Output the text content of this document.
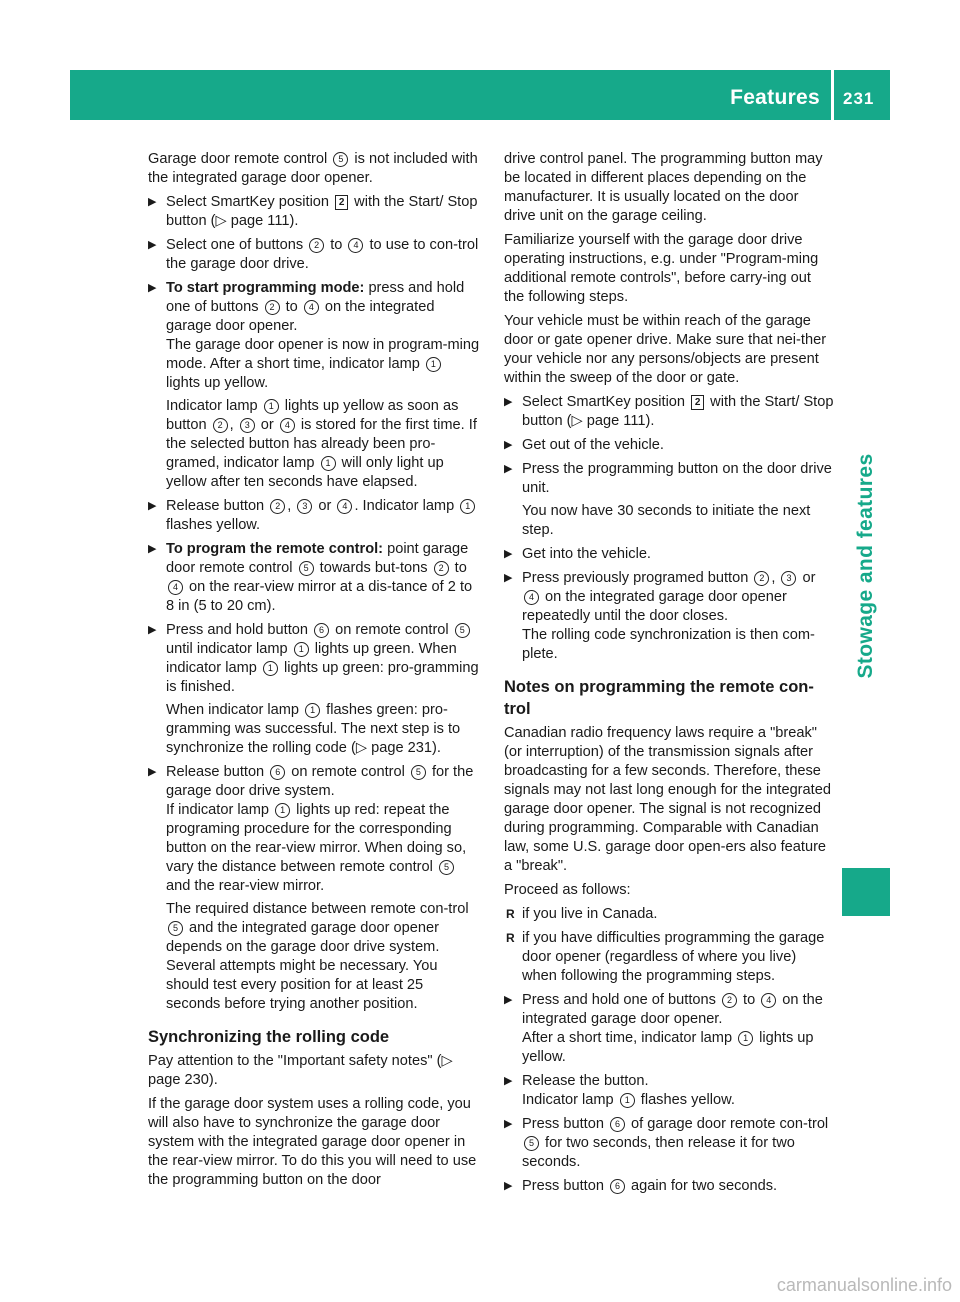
Features 231
Stowage and features
Garage door remote control 5 is not included with the integrated garage door opener.
▶ Select SmartKey position 2 with the Start/ Stop button (▷ page 111).
▶ Select one of buttons 2 to 4 to use to con-trol the garage door drive.
▶ To start programming mode: press and hold one of buttons 2 to 4 on the integrated garage door opener.
The garage door opener is now in program-ming mode. After a short time, indicator lamp 1 lights up yellow.
Indicator lamp 1 lights up yellow as soon as button 2 , 3 or 4 is stored for the first time. If the selected button has already been pro-gramed, indicator lamp 1 will only light up yellow after ten seconds have elapsed.
▶ Release button 2 , 3 or 4 . Indicator lamp 1 flashes yellow.
▶ To program the remote control: point garage door remote control 5 towards but-tons 2 to 4 on the rear-view mirror at a dis-tance of 2 to 8 in (5 to 20 cm).
▶ Press and hold button 6 on remote control 5 until indicator lamp 1 lights up green. When indicator lamp 1 lights up green: pro-gramming is finished.
When indicator lamp 1 flashes green: pro-gramming was successful. The next step is to synchronize the rolling code (▷ page 231).
▶ Release button 6 on remote control 5 for the garage door drive system.
If indicator lamp 1 lights up red: repeat the programing procedure for the corresponding button on the rear-view mirror. When doing so, vary the distance between remote control 5 and the rear-view mirror.
The required distance between remote con-trol 5 and the integrated garage door opener depends on the garage door drive system. Several attempts might be necessary. You should test every position for at least 25 seconds before trying another position.
Synchronizing the rolling code
Pay attention to the "Important safety notes" (▷ page 230).
If the garage door system uses a rolling code, you will also have to synchronize the garage door system with the integrated garage door opener in the rear-view mirror. To do this you will need to use the programming button on the door
drive control panel. The programming button may be located in different places depending on the manufacturer. It is usually located on the door drive unit on the garage ceiling.
Familiarize yourself with the garage door drive operating instructions, e.g. under "Program-ming additional remote controls", before carry-ing out the following steps.
Your vehicle must be within reach of the garage door or gate opener drive. Make sure that nei-ther your vehicle nor any persons/objects are present within the sweep of the door or gate.
▶ Select SmartKey position 2 with the Start/ Stop button (▷ page 111).
▶ Get out of the vehicle.
▶ Press the programming button on the door drive unit.
You now have 30 seconds to initiate the next step.
▶ Get into the vehicle.
▶ Press previously programed button 2 , 3 or 4 on the integrated garage door opener repeatedly until the door closes.
The rolling code synchronization is then com-plete.
Notes on programming the remote con-trol
Canadian radio frequency laws require a "break" (or interruption) of the transmission signals after broadcasting for a few seconds. Therefore, these signals may not last long enough for the integrated garage door opener. The signal is not recognized during programming. Comparable with Canadian law, some U.S. garage door open-ers also feature a "break".
Proceed as follows:
R if you live in Canada.
R if you have difficulties programming the garage door opener (regardless of where you live) when following the programming steps.
▶ Press and hold one of buttons 2 to 4 on the integrated garage door opener.
After a short time, indicator lamp 1 lights up yellow.
▶ Release the button.
Indicator lamp 1 flashes yellow.
▶ Press button 6 of garage door remote con-trol 5 for two seconds, then release it for two seconds.
▶ Press button 6 again for two seconds.
carmanualsonline.info
